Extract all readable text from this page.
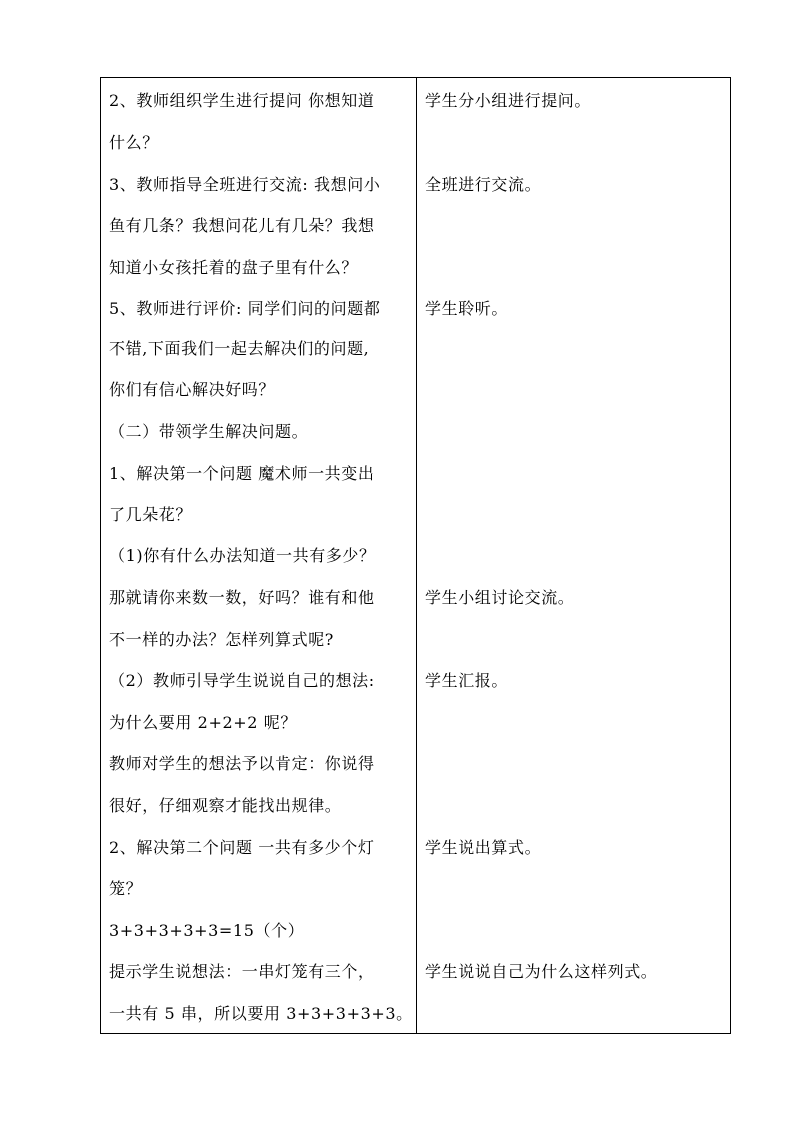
2、教师组织学生进行提问 你想知道
什么？
3、教师指导全班进行交流: 我想问小
鱼有几条？我想问花儿有几朵？我想
知道小女孩托着的盘子里有什么？
5、教师进行评价: 同学们问的问题都
不错,下面我们一起去解决们的问题,
你们有信心解决好吗？
（二）带领学生解决问题。
1、解决第一个问题 魔术师一共变出
了几朵花？
（1)你有什么办法知道一共有多少？
那就请你来数一数，好吗？谁有和他
不一样的办法？怎样列算式呢?
（2）教师引导学生说说自己的想法:
为什么要用 2+2+2 呢？
教师对学生的想法予以肯定：你说得
很好，仔细观察才能找出规律。
2、解决第二个问题 一共有多少个灯
笼？
3+3+3+3+3=15（个）
提示学生说想法：一串灯笼有三个，
一共有 5 串，所以要用 3+3+3+3+3。
学生分小组进行提问。
全班进行交流。
学生聆听。
学生小组讨论交流。
学生汇报。
学生说出算式。
学生说说自己为什么这样列式。
